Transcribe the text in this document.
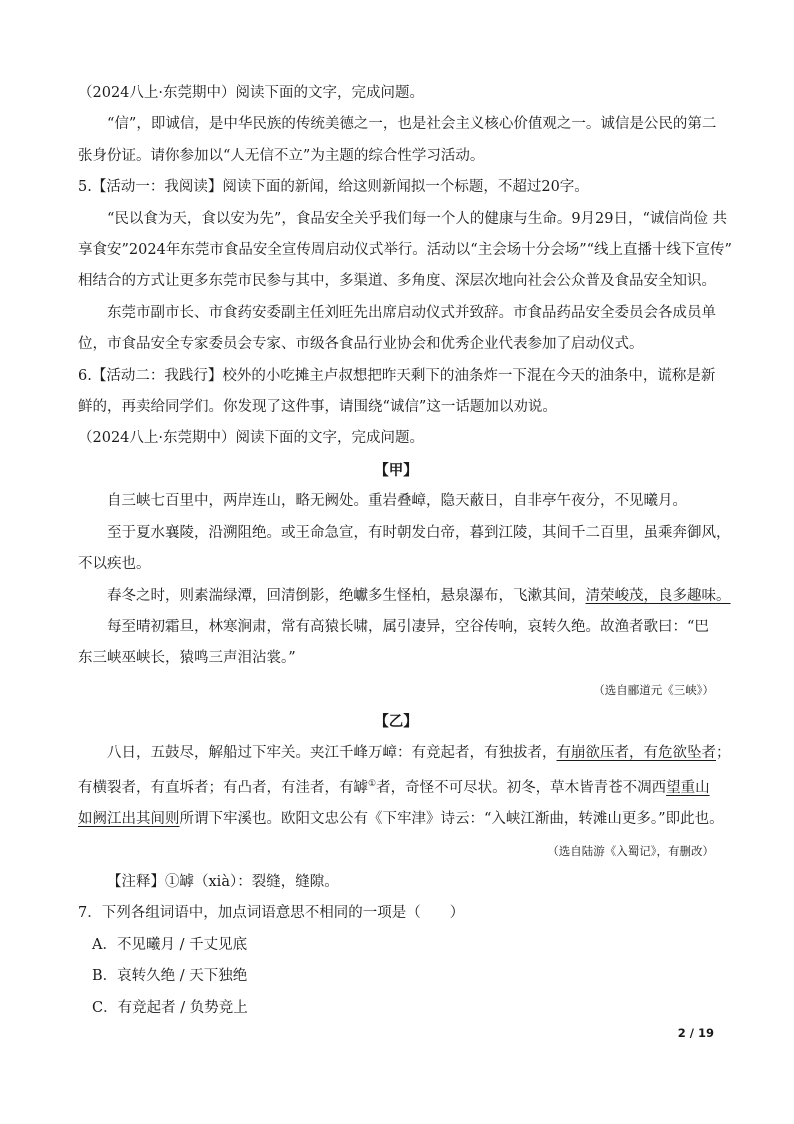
（2024八上·东莞期中）阅读下面的文字，完成问题。

“信”，即诚信，是中华民族的传统美德之一，也是社会主义核心价值观之一。诚信是公民的第二

张身份证。请你参加以“人无信不立”为主题的综合性学习活动。

5.【活动一：我阅读】阅读下面的新闻，给这则新闻拟一个标题，不超过20字。

“民以食为天，食以安为先”，食品安全关乎我们每一个人的健康与生命。9月29日，“诚信尚俭 共

享食安”2024年东莞市食品安全宣传周启动仪式举行。活动以“主会场十分会场”“线上直播十线下宣传”

相结合的方式让更多东莞市民参与其中，多渠道、多角度、深层次地向社会公众普及食品安全知识。

东莞市副市长、市食药安委副主任刘旺先出席启动仪式并致辞。市食品药品安全委员会各成员单

位，市食品安全专家委员会专家、市级各食品行业协会和优秀企业代表参加了启动仪式。

6.【活动二：我践行】校外的小吃摊主卢叔想把昨天剩下的油条炸一下混在今天的油条中，谎称是新

鲜的，再卖给同学们。你发现了这件事，请围绕“诚信”这一话题加以劝说。

（2024八上·东莞期中）阅读下面的文字，完成问题。

【甲】

自三峡七百里中，两岸连山，略无阙处。重岩叠嶂，隐天蔽日，自非亭午夜分，不见曦月。

至于夏水襄陵，沿溯阻绝。或王命急宣，有时朝发白帝，暮到江陵，其间千二百里，虽乘奔御风，

不以疾也。

春冬之时，则素湍绿潭，回清倒影，绝巘多生怪柏，悬泉瀑布，飞漱其间，清荣峻茂，良多趣味。

每至晴初霜旦，林寒涧肃，常有高猿长啸，属引凄异，空谷传响，哀转久绝。故渔者歌曰：“巴

东三峡巫峡长，猿鸣三声泪沾裳。”

（选自郦道元《三峡》）

【乙】

八日，五鼓尽，解船过下牢关。夹江千峰万嶂：有竞起者，有独拔者，有崩欲压者，有危欲坠者；

有横裂者，有直坼者；有凸者，有洼者，有罅①者，奇怪不可尽状。初冬，草木皆青苍不凋西望重山

如阙江出其间则所谓下牢溪也。欧阳文忠公有《下牢津》诗云：“入峡江渐曲，转滩山更多。”即此也。

（选自陆游《入蜀记》，有删改）

【注释】①罅（xià）：裂缝，缝隙。

7．下列各组词语中，加点词语意思不相同的一项是（　　）

A．不见曦月 / 千丈见底

B．哀转久绝 / 天下独绝

C．有竞起者 / 负势竞上

2 / 19
